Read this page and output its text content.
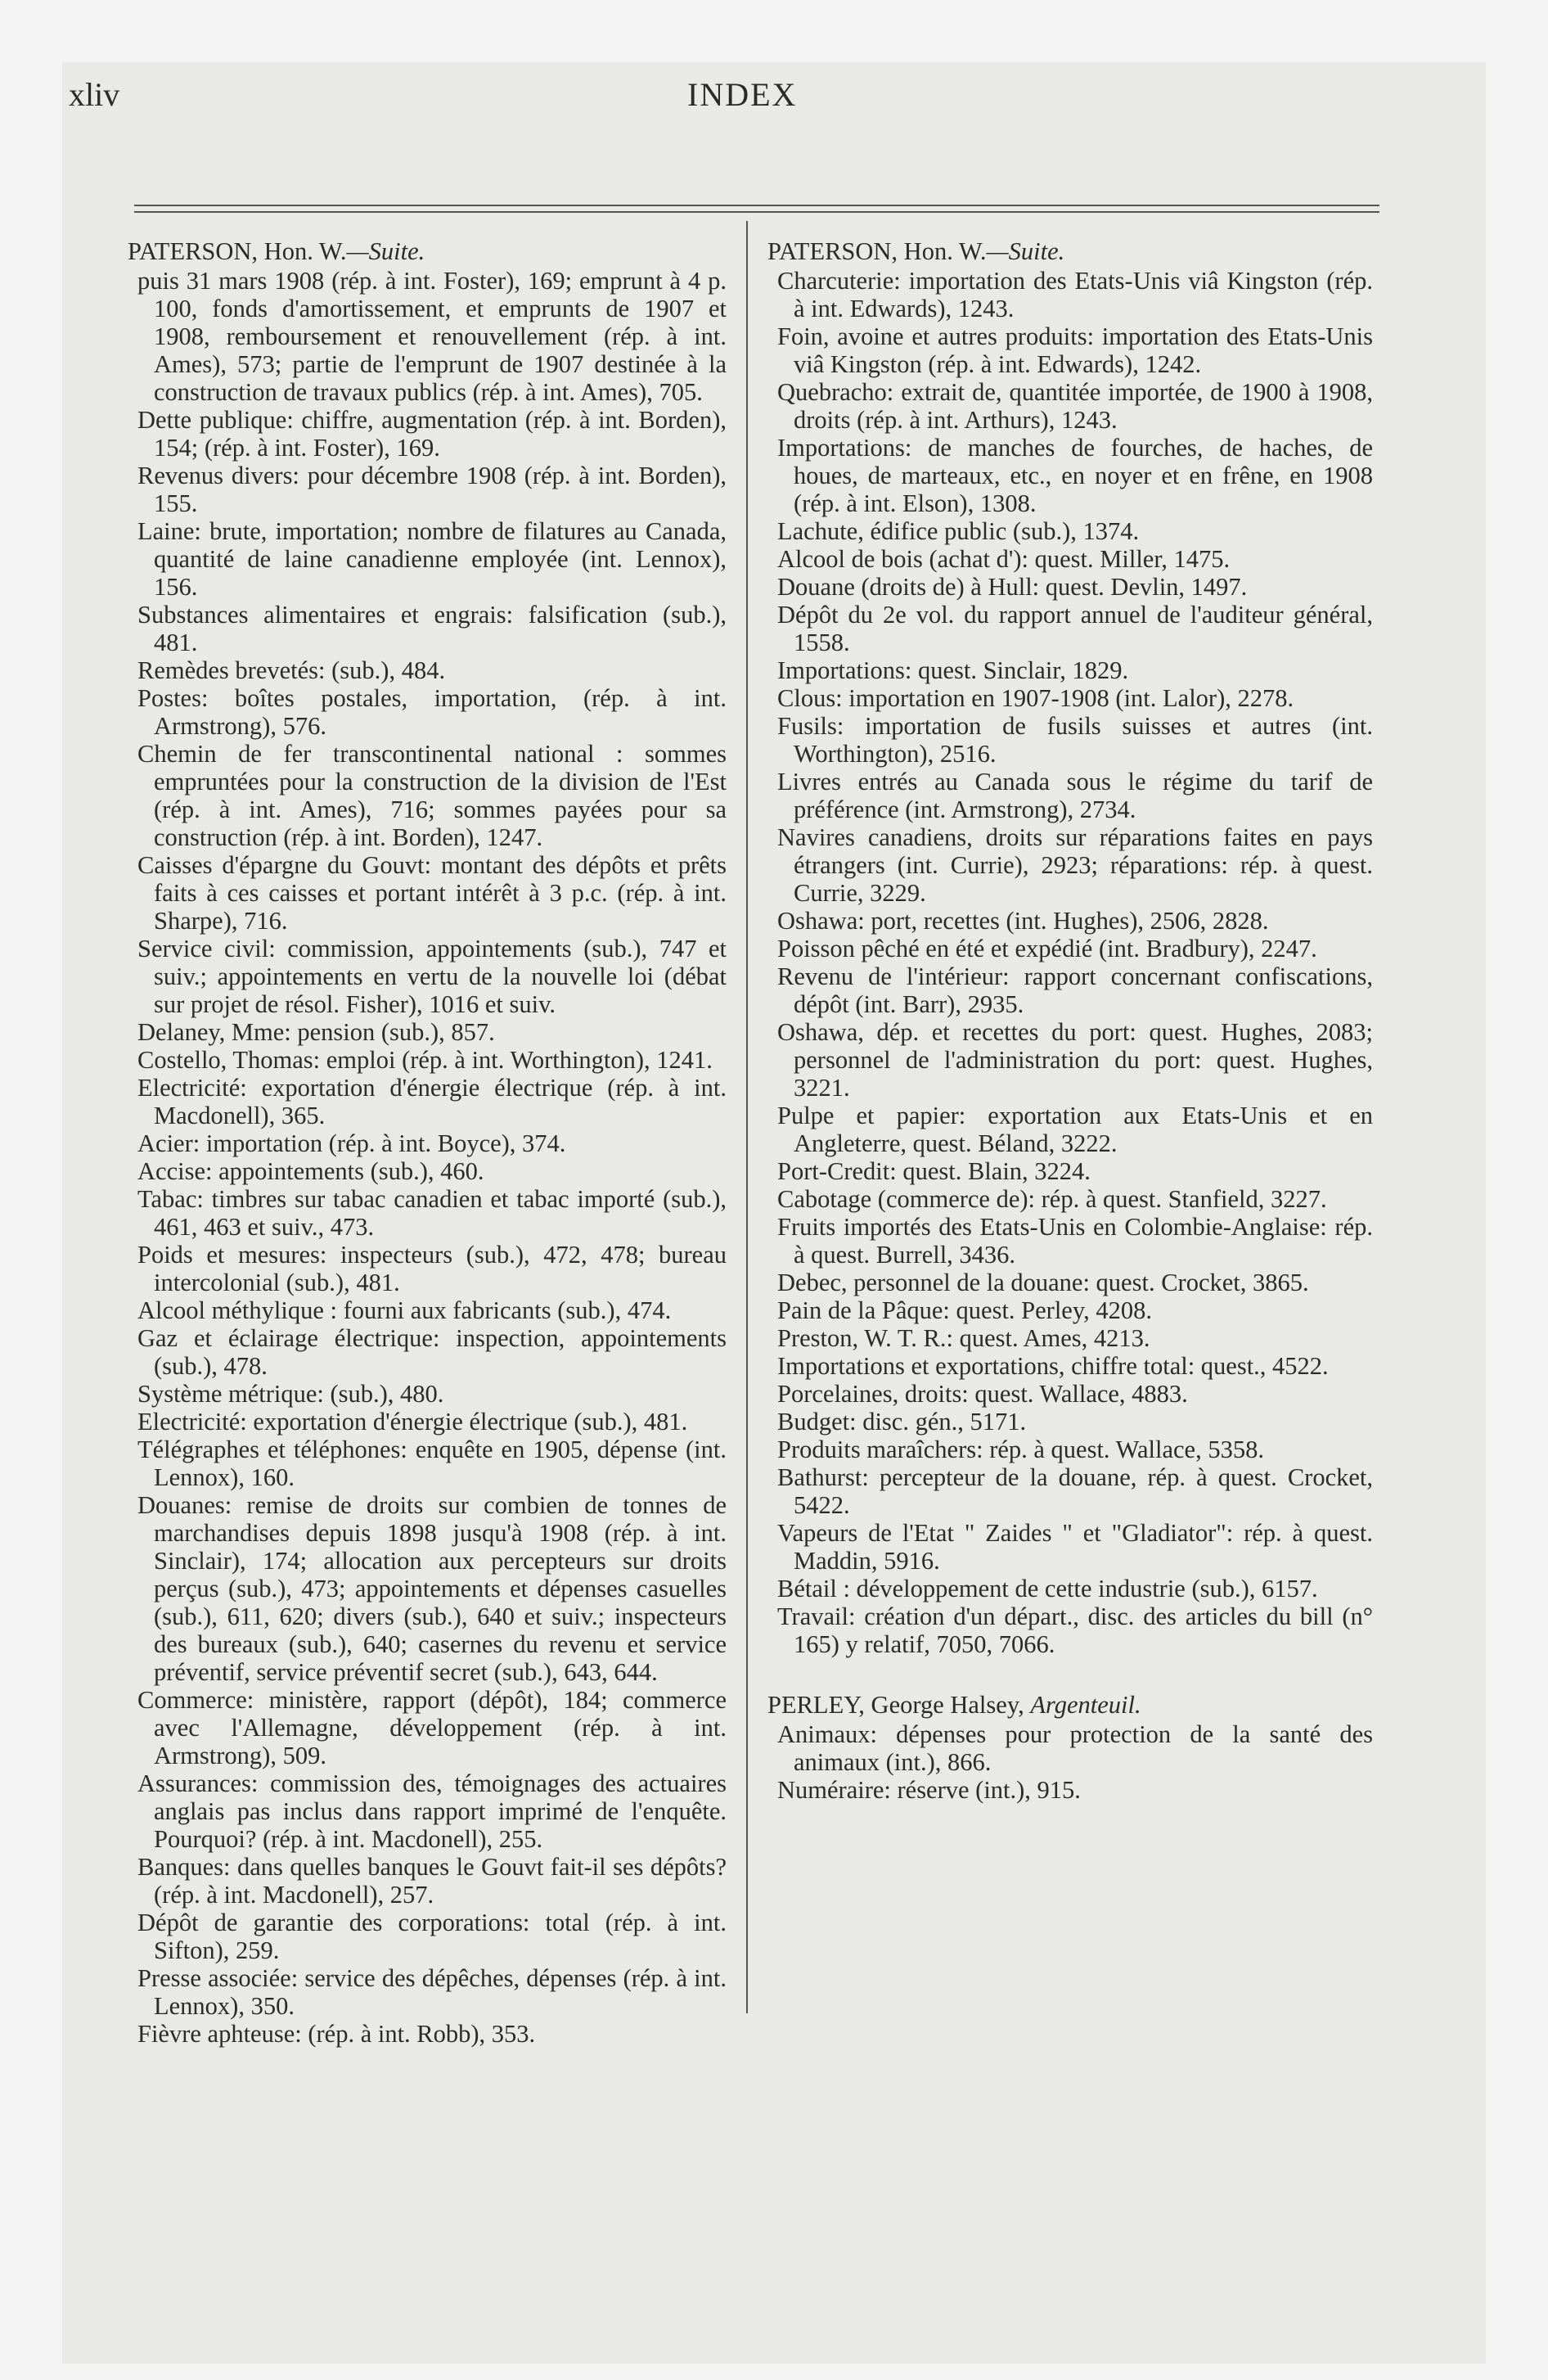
xliv	INDEX
PATERSON, Hon. W.—Suite.

puis 31 mars 1908 (rép. à int. Foster), 169; emprunt à 4 p. 100, fonds d'amortissement, et emprunts de 1907 et 1908, remboursement et renouvellement (rép. à int. Ames), 573; partie de l'emprunt de 1907 destinée à la construction de travaux publics (rép. à int. Ames), 705.

Dette publique: chiffre, augmentation (rép. à int. Borden), 154; (rép. à int. Foster), 169.

Revenus divers: pour décembre 1908 (rép. à int. Borden), 155.

Laine: brute, importation; nombre de filatures au Canada, quantité de laine canadienne employée (int. Lennox), 156.

Substances alimentaires et engrais: falsification (sub.), 481.

Remèdes brevetés: (sub.), 484.

Postes: boîtes postales, importation, (rép. à int. Armstrong), 576.

Chemin de fer transcontinental national : sommes empruntées pour la construction de la division de l'Est (rép. à int. Ames), 716; sommes payées pour sa construction (rép. à int. Borden), 1247.

Caisses d'épargne du Gouvt: montant des dépôts et prêts faits à ces caisses et portant intérêt à 3 p.c. (rép. à int. Sharpe), 716.

Service civil: commission, appointements (sub.), 747 et suiv.; appointements en vertu de la nouvelle loi (débat sur projet de résol. Fisher), 1016 et suiv.

Delaney, Mme: pension (sub.), 857.

Costello, Thomas: emploi (rép. à int. Worthington), 1241.

Electricité: exportation d'énergie électrique (rép. à int. Macdonell), 365.

Acier: importation (rép. à int. Boyce), 374.

Accise: appointements (sub.), 460.

Tabac: timbres sur tabac canadien et tabac importé (sub.), 461, 463 et suiv., 473.

Poids et mesures: inspecteurs (sub.), 472, 478; bureau intercolonial (sub.), 481.

Alcool méthylique : fourni aux fabricants (sub.), 474.

Gaz et éclairage électrique: inspection, appointements (sub.), 478.

Système métrique: (sub.), 480.

Electricité: exportation d'énergie électrique (sub.), 481.

Télégraphes et téléphones: enquête en 1905, dépense (int. Lennox), 160.

Douanes: remise de droits sur combien de tonnes de marchandises depuis 1898 jusqu'à 1908 (rép. à int. Sinclair), 174; allocation aux percepteurs sur droits perçus (sub.), 473; appointements et dépenses casuelles (sub.), 611, 620; divers (sub.), 640 et suiv.; inspecteurs des bureaux (sub.), 640; casernes du revenu et service préventif, service préventif secret (sub.), 643, 644.

Commerce: ministère, rapport (dépôt), 184; commerce avec l'Allemagne, développement (rép. à int. Armstrong), 509.

Assurances: commission des, témoignages des actuaires anglais pas inclus dans rapport imprimé de l'enquête. Pourquoi? (rép. à int. Macdonell), 255.

Banques: dans quelles banques le Gouvt fait-il ses dépôts? (rép. à int. Macdonell), 257.

Dépôt de garantie des corporations: total (rép. à int. Sifton), 259.

Presse associée: service des dépêches, dépenses (rép. à int. Lennox), 350.

Fièvre aphteuse: (rép. à int. Robb), 353.

PATERSON, Hon. W.—Suite.

Charcuterie: importation des Etats-Unis viâ Kingston (rép. à int. Edwards), 1243.

Foin, avoine et autres produits: importation des Etats-Unis viâ Kingston (rép. à int. Edwards), 1242.

Quebracho: extrait de, quantitée importée, de 1900 à 1908, droits (rép. à int. Arthurs), 1243.

Importations: de manches de fourches, de haches, de houes, de marteaux, etc., en noyer et en frêne, en 1908 (rép. à int. Elson), 1308.

Lachute, édifice public (sub.), 1374.

Alcool de bois (achat d'): quest. Miller, 1475.

Douane (droits de) à Hull: quest. Devlin, 1497.

Dépôt du 2e vol. du rapport annuel de l'auditeur général, 1558.

Importations: quest. Sinclair, 1829.

Clous: importation en 1907-1908 (int. Lalor), 2278.

Fusils: importation de fusils suisses et autres (int. Worthington), 2516.

Livres entrés au Canada sous le régime du tarif de préférence (int. Armstrong), 2734.

Navires canadiens, droits sur réparations faites en pays étrangers (int. Currie), 2923; réparations: rép. à quest. Currie, 3229.

Oshawa: port, recettes (int. Hughes), 2506, 2828.

Poisson pêché en été et expédié (int. Bradbury), 2247.

Revenu de l'intérieur: rapport concernant confiscations, dépôt (int. Barr), 2935.

Oshawa, dép. et recettes du port: quest. Hughes, 2083; personnel de l'administration du port: quest. Hughes, 3221.

Pulpe et papier: exportation aux Etats-Unis et en Angleterre, quest. Béland, 3222.

Port-Credit: quest. Blain, 3224.

Cabotage (commerce de): rép. à quest. Stanfield, 3227.

Fruits importés des Etats-Unis en Colombie-Anglaise: rép. à quest. Burrell, 3436.

Debec, personnel de la douane: quest. Crocket, 3865.

Pain de la Pâque: quest. Perley, 4208.

Preston, W. T. R.: quest. Ames, 4213.

Importations et exportations, chiffre total: quest., 4522.

Porcelaines, droits: quest. Wallace, 4883.

Budget: disc. gén., 5171.

Produits maraîchers: rép. à quest. Wallace, 5358.

Bathurst: percepteur de la douane, rép. à quest. Crocket, 5422.

Vapeurs de l'Etat " Zaides " et "Gladiator": rép. à quest. Maddin, 5916.

Bétail : développement de cette industrie (sub.), 6157.

Travail: création d'un départ., disc. des articles du bill (n° 165) y relatif, 7050, 7066.

PERLEY, George Halsey, Argenteuil.

Animaux: dépenses pour protection de la santé des animaux (int.), 866.

Numéraire: réserve (int.), 915.
